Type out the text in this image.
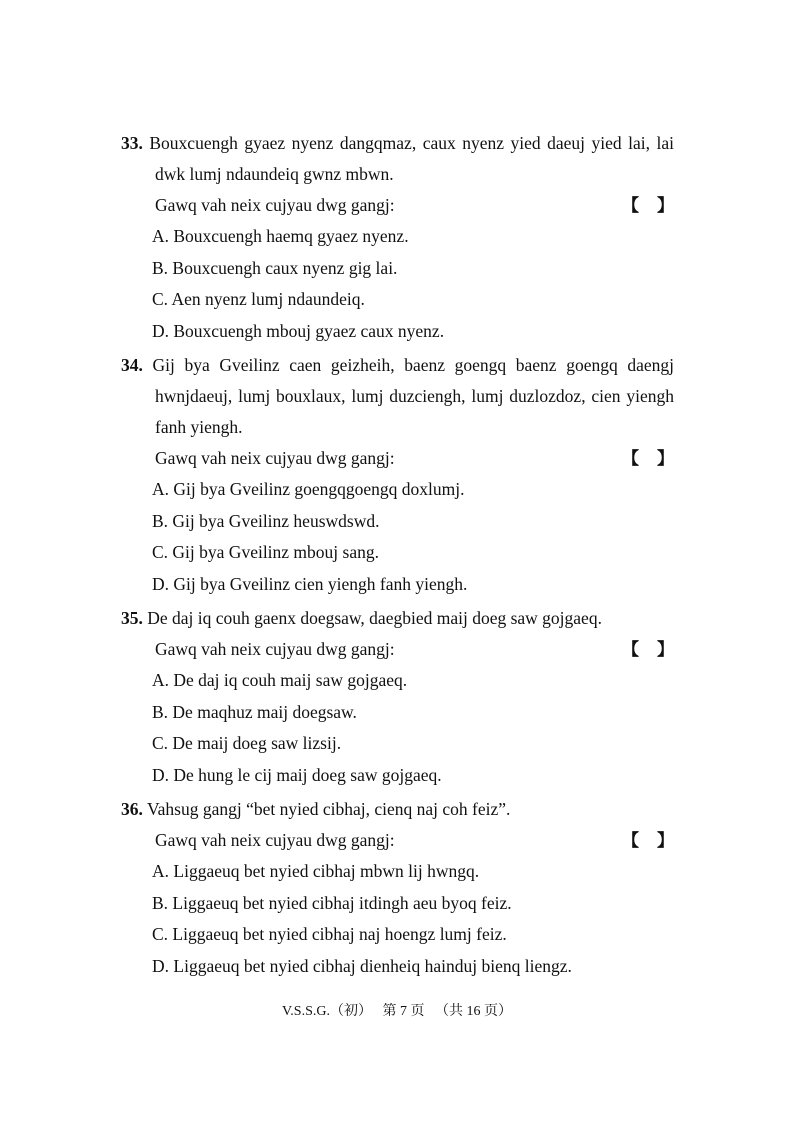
33. Bouxcuengh gyaez nyenz dangqmaz, caux nyenz yied daeuj yied lai, lai dwk lumj ndaundeiq gwnz mbwn.
Gawq vah neix cujyau dwg gangj:	【 】
A. Bouxcuengh haemq gyaez nyenz.
B. Bouxcuengh caux nyenz gig lai.
C. Aen nyenz lumj ndaundeiq.
D. Bouxcuengh mbouj gyaez caux nyenz.
34. Gij bya Gveilinz caen geizheih, baenz goengq baenz goengq daengj hwnjdaeuj, lumj bouxlaux, lumj duzciengh, lumj duzlozdoz, cien yiengh fanh yiengh.
Gawq vah neix cujyau dwg gangj:	【 】
A. Gij bya Gveilinz goengqgoengq doxlumj.
B. Gij bya Gveilinz heuswdswd.
C. Gij bya Gveilinz mbouj sang.
D. Gij bya Gveilinz cien yiengh fanh yiengh.
35. De daj iq couh gaenx doegsaw, daegbied maij doeg saw gojgaeq.
Gawq vah neix cujyau dwg gangj:	【 】
A. De daj iq couh maij saw gojgaeq.
B. De maqhuz maij doegsaw.
C. De maij doeg saw lizsij.
D. De hung le cij maij doeg saw gojgaeq.
36. Vahsug gangj “bet nyied cibhaj, cienq naj coh feiz”.
Gawq vah neix cujyau dwg gangj:	【 】
A. Liggaeuq bet nyied cibhaj mbwn lij hwngq.
B. Liggaeuq bet nyied cibhaj itdingh aeu byoq feiz.
C. Liggaeuq bet nyied cibhaj naj hoengz lumj feiz.
D. Liggaeuq bet nyied cibhaj dienheiq hainduj bienq liengz.
V.S.S.G.（初）   第 7 页   （共 16 页）
